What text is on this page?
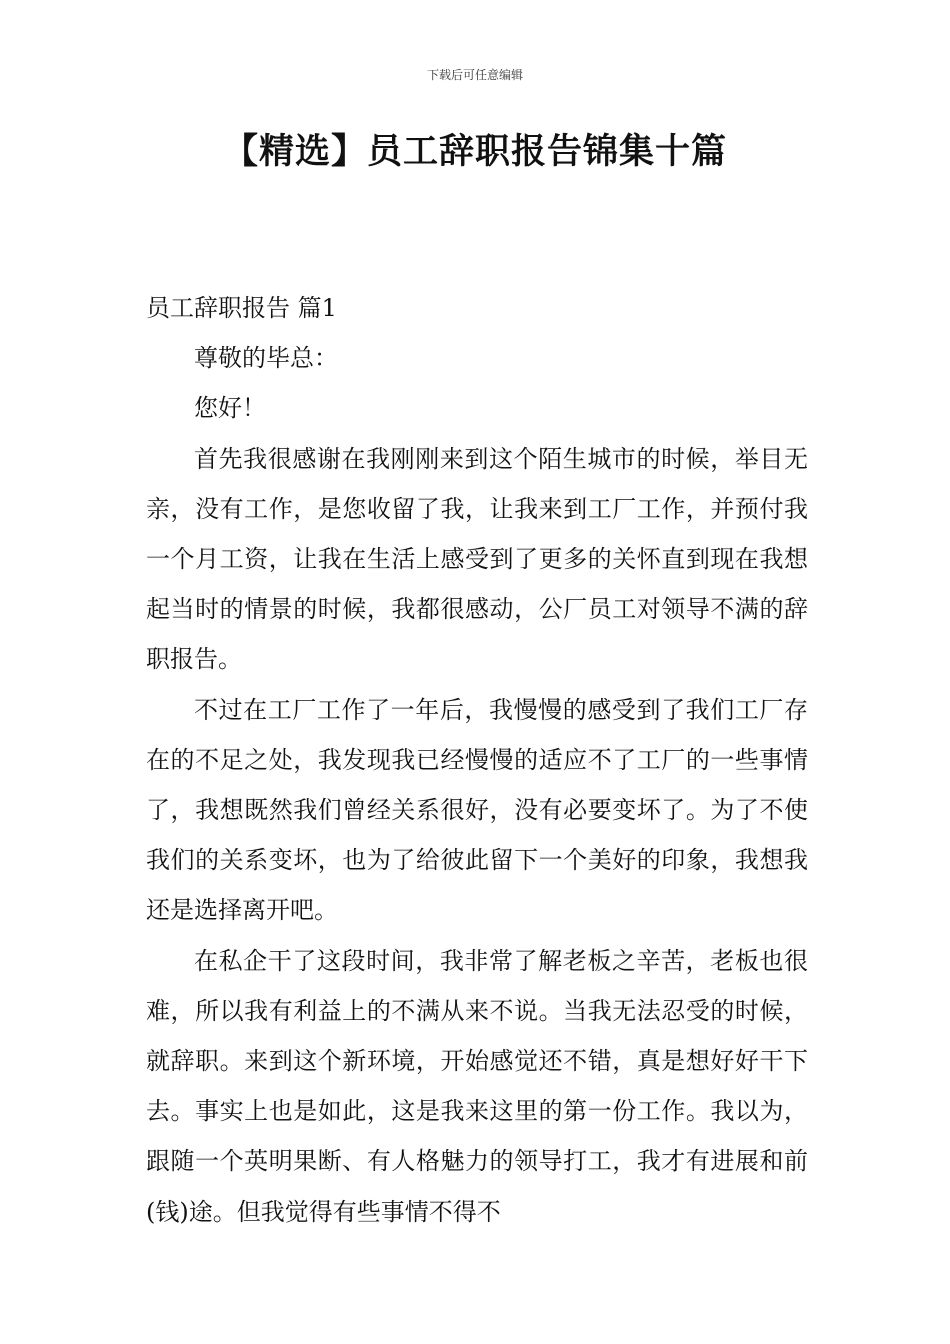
下载后可任意编辑
【精选】员工辞职报告锦集十篇

员工辞职报告 篇1

尊敬的毕总：

您好！

首先我很感谢在我刚刚来到这个陌生城市的时候，举目无亲，没有工作，是您收留了我，让我来到工厂工作，并预付我一个月工资，让我在生活上感受到了更多的关怀直到现在我想起当时的情景的时候，我都很感动，公厂员工对领导不满的辞职报告。

不过在工厂工作了一年后，我慢慢的感受到了我们工厂存在的不足之处，我发现我已经慢慢的适应不了工厂的一些事情了，我想既然我们曾经关系很好，没有必要变坏了。为了不使我们的关系变坏，也为了给彼此留下一个美好的印象，我想我还是选择离开吧。

在私企干了这段时间，我非常了解老板之辛苦，老板也很难，所以我有利益上的不满从来不说。当我无法忍受的时候，就辞职。来到这个新环境，开始感觉还不错，真是想好好干下去。事实上也是如此，这是我来这里的第一份工作。我以为，跟随一个英明果断、有人格魅力的领导打工，我才有进展和前(钱)途。但我觉得有些事情不得不
